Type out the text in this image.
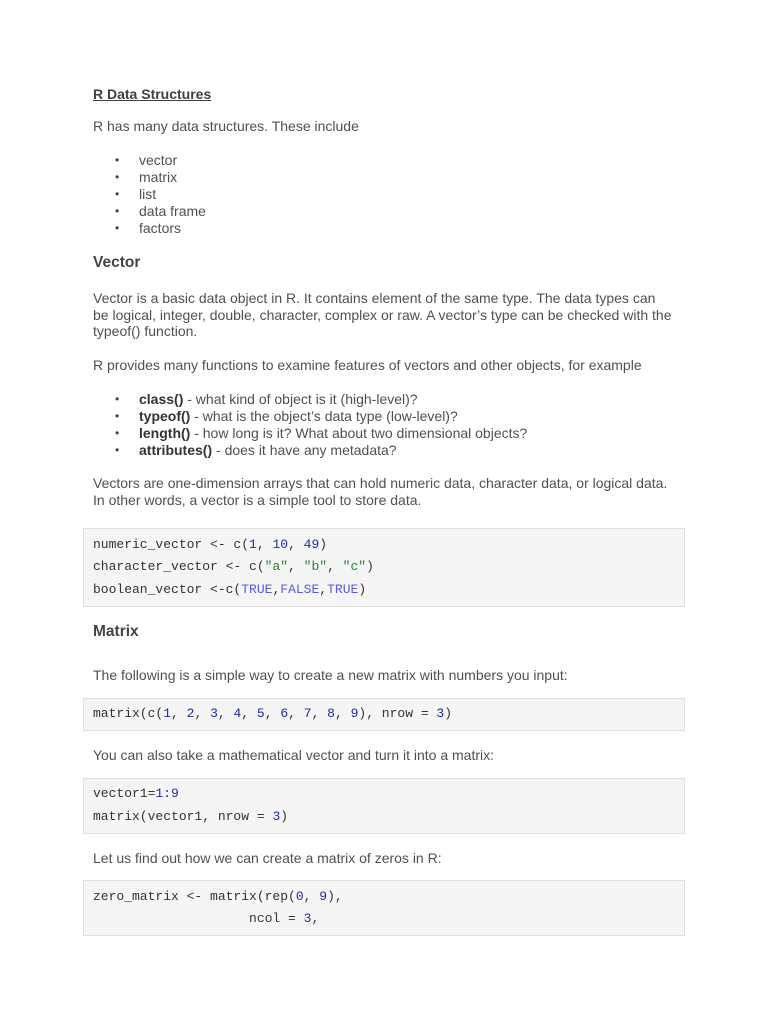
R Data Structures
R has many data structures. These include
• vector
• matrix
• list
• data frame
• factors
Vector
Vector is a basic data object in R. It contains element of the same type. The data types can be logical, integer, double, character, complex or raw. A vector’s type can be checked with the typeof() function.
R provides many functions to examine features of vectors and other objects, for example
• class() - what kind of object is it (high-level)?
• typeof() - what is the object’s data type (low-level)?
• length() - how long is it? What about two dimensional objects?
• attributes() - does it have any metadata?
Vectors are one-dimension arrays that can hold numeric data, character data, or logical data. In other words, a vector is a simple tool to store data.
numeric_vector <- c(1, 10, 49)
character_vector <- c("a", "b", "c")
boolean_vector <-c(TRUE,FALSE,TRUE)
Matrix
The following is a simple way to create a new matrix with numbers you input:
matrix(c(1, 2, 3, 4, 5, 6, 7, 8, 9), nrow = 3)
You can also take a mathematical vector and turn it into a matrix:
vector1=1:9
matrix(vector1, nrow = 3)
Let us find out how we can create a matrix of zeros in R:
zero_matrix <- matrix(rep(0, 9),
ncol = 3,
